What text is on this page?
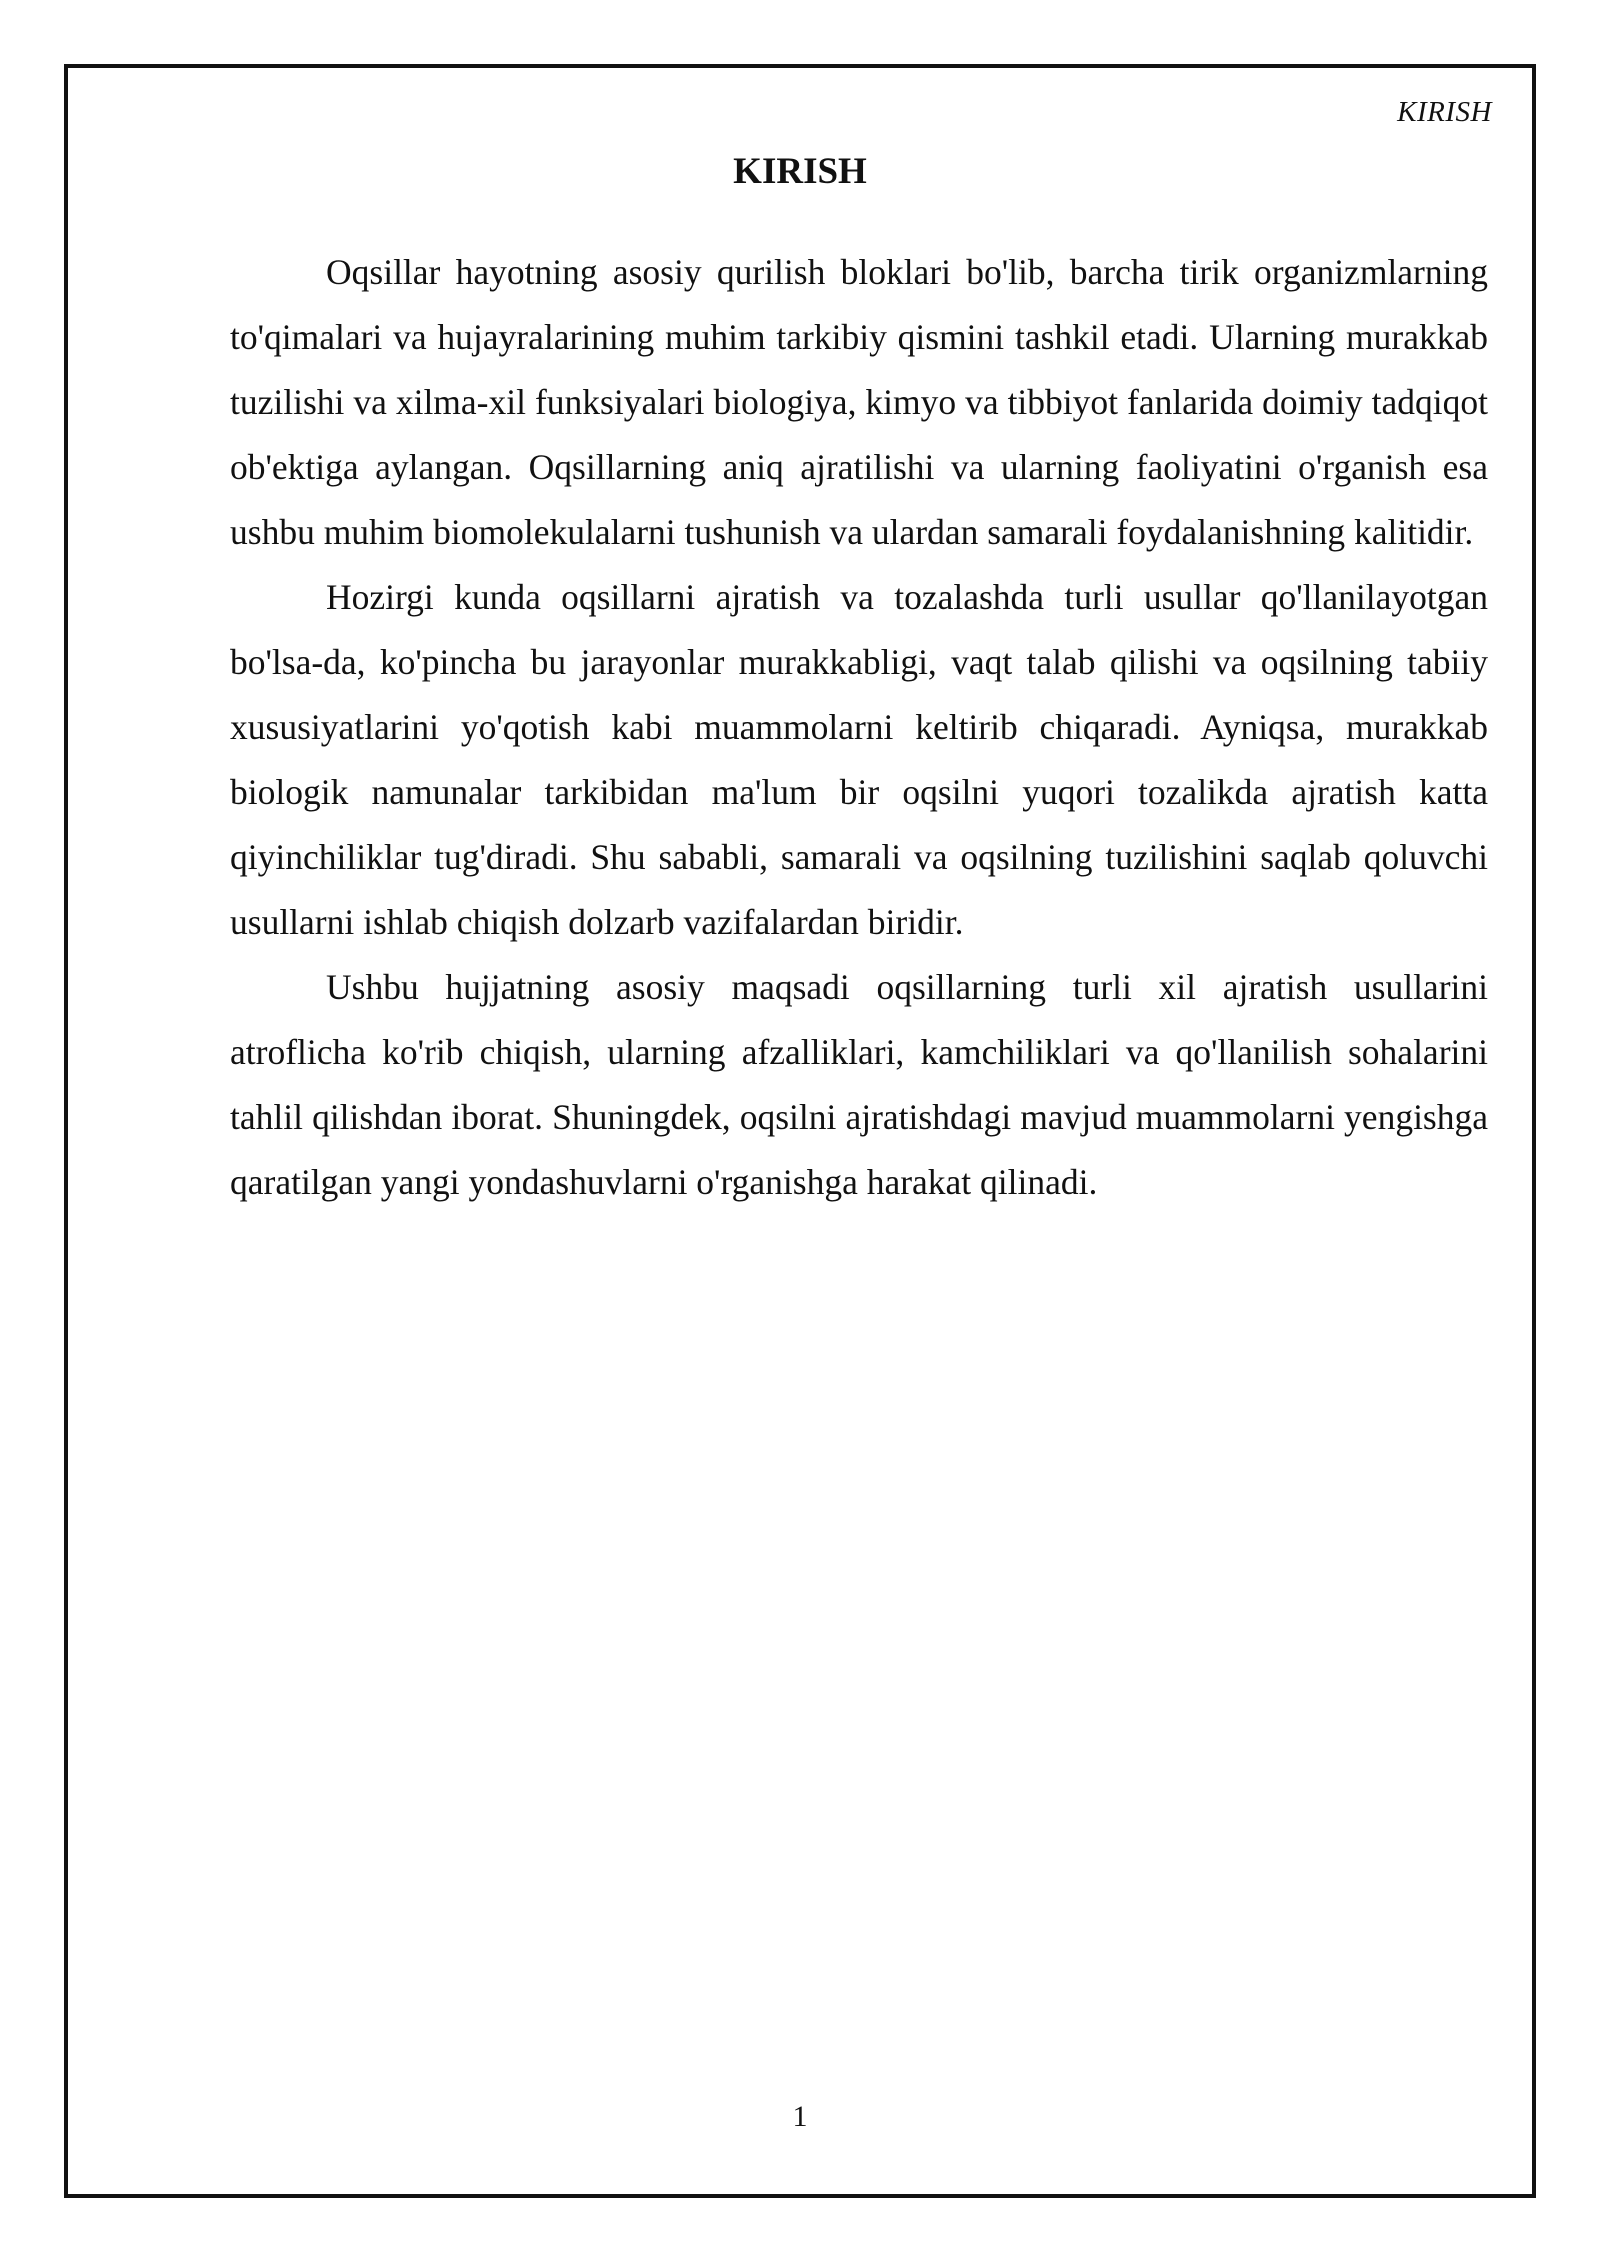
KIRISH
KIRISH

Oqsillar hayotning asosiy qurilish bloklari bo'lib, barcha tirik organizmlarning to'qimalari va hujayralarining muhim tarkibiy qismini tashkil etadi. Ularning murakkab tuzilishi va xilma-xil funksiyalari biologiya, kimyo va tibbiyot fanlarida doimiy tadqiqot ob'ektiga aylangan. Oqsillarning aniq ajratilishi va ularning faoliyatini o'rganish esa ushbu muhim biomolekulalarni tushunish va ulardan samarali foydalanishning kalitidir.

Hozirgi kunda oqsillarni ajratish va tozalashda turli usullar qo'llanilayotgan bo'lsa-da, ko'pincha bu jarayonlar murakkabligi, vaqt talab qilishi va oqsilning tabiiy xususiyatlarini yo'qotish kabi muammolarni keltirib chiqaradi. Ayniqsa, murakkab biologik namunalar tarkibidan ma'lum bir oqsilni yuqori tozalikda ajratish katta qiyinchiliklar tug'diradi. Shu sababli, samarali va oqsilning tuzilishini saqlab qoluvchi usullarni ishlab chiqish dolzarb vazifalardan biridir.

Ushbu hujjatning asosiy maqsadi oqsillarning turli xil ajratish usullarini atroflicha ko'rib chiqish, ularning afzalliklari, kamchiliklari va qo'llanilish sohalarini tahlil qilishdan iborat. Shuningdek, oqsilni ajratishdagi mavjud muammolarni yengishga qaratilgan yangi yondashuvlarni o'rganishga harakat qilinadi.

1
